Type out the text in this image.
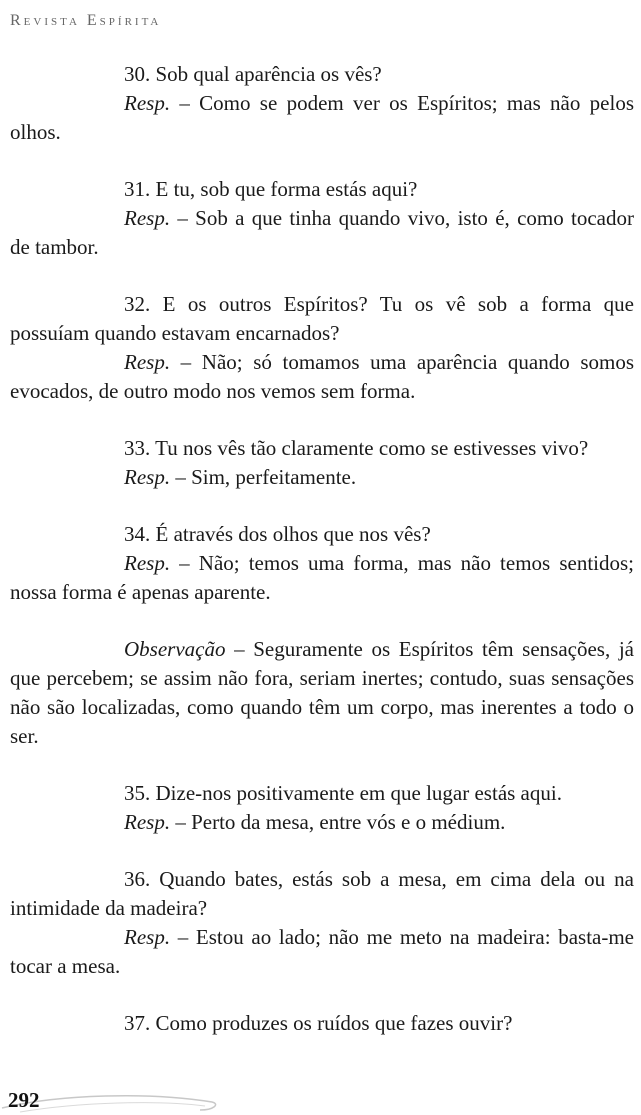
Revista Espírita

30. Sob qual aparência os vês?

Resp. – Como se podem ver os Espíritos; mas não pelos olhos.

31. E tu, sob que forma estás aqui?

Resp. – Sob a que tinha quando vivo, isto é, como tocador de tambor.

32. E os outros Espíritos? Tu os vê sob a forma que possuíam quando estavam encarnados?

Resp. – Não; só tomamos uma aparência quando somos evocados, de outro modo nos vemos sem forma.

33. Tu nos vês tão claramente como se estivesses vivo?

Resp. – Sim, perfeitamente.

34. É através dos olhos que nos vês?

Resp. – Não; temos uma forma, mas não temos sentidos; nossa forma é apenas aparente.

Observação – Seguramente os Espíritos têm sensações, já que percebem; se assim não fora, seriam inertes; contudo, suas sensações não são localizadas, como quando têm um corpo, mas inerentes a todo o ser.

35. Dize-nos positivamente em que lugar estás aqui.

Resp. – Perto da mesa, entre vós e o médium.

36. Quando bates, estás sob a mesa, em cima dela ou na intimidade da madeira?

Resp. – Estou ao lado; não me meto na madeira: basta-me tocar a mesa.

37. Como produzes os ruídos que fazes ouvir?

292
